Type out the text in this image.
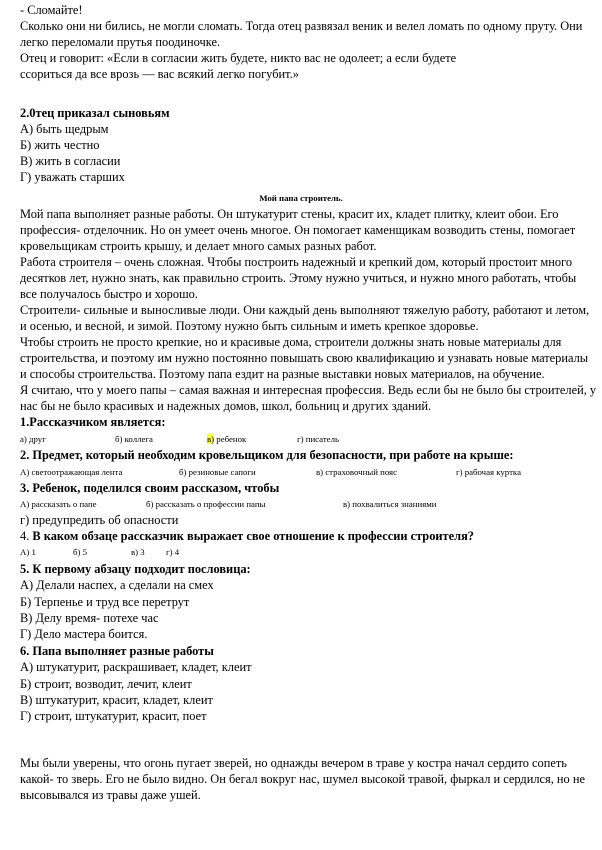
- Сломайте!
Сколько они ни бились, не могли сломать. Тогда отец развязал веник и велел ломать по одному пруту. Они
легко переломали прутья поодиночке.
Отец и говорит: «Если в согласии жить будете, никто вас не одолеет; а если будете
ссориться да все врозь — вас всякий легко погубит.»
2.0тец приказал сыновьям
А) быть щедрым
Б) жить честно
В) жить в согласии
Г) уважать старших
Мой папа строитель.
Мой папа выполняет разные работы. Он штукатурит стены, красит их, кладет плитку, клеит обои. Его
профессия- отделочник. Но он умеет очень многое. Он помогает каменщикам возводить стены, помогает
кровельщикам строить крышу, и делает много самых разных работ.
Работа строителя – очень сложная. Чтобы построить надежный и крепкий дом, который простоит много
десятков лет, нужно знать, как правильно строить. Этому нужно учиться, и нужно много работать, чтобы
все получалось быстро и хорошо.
Строители- сильные и выносливые люди. Они каждый день выполняют тяжелую работу, работают и летом,
и осенью, и весной, и зимой. Поэтому нужно быть сильным и иметь крепкое здоровье.
Чтобы строить не просто крепкие, но и красивые дома, строители должны знать новые материалы для
строительства, и поэтому им нужно постоянно повышать свою квалификацию и узнавать новые материалы
и способы строительства. Поэтому папа ездит на разные выставки новых материалов, на обучение.
Я считаю, что у моего папы – самая важная и интересная профессия. Ведь если бы не было бы строителей, у
нас бы не было красивых и надежных домов, школ, больниц и других зданий.
1.Рассказчиком является:
а) друг	б) коллега	в) ребенок	г) писатель
2. Предмет, который необходим кровельщиком для безопасности, при работе на крыше:
А) светоотражающая лента	б) резиновые сапоги	в) страховочный пояс	г) рабочая куртка
3. Ребенок, поделился своим рассказом, чтобы
А) рассказать о папе	б) рассказать о профессии папы	в) похвалиться знаниями
г) предупредить об опасности
4. В каком обзаце рассказчик выражает свое отношение к профессии строителя?
А) 1	б) 5	в) 3 г) 4
5. К первому абзацу подходит пословица:
А) Делали наспех, а сделали на смех
Б) Терпенье и труд все перетрут
В) Делу время- потехе час
Г) Дело мастера боится.
6. Папа выполняет разные работы
А) штукатурит, раскрашивает, кладет, клеит
Б) строит, возводит, лечит, клеит
В) штукатурит, красит, кладет, клеит
Г) строит, штукатурит, красит, поет
Мы были уверены, что огонь пугает зверей, но однажды вечером в траве у костра начал сердито сопеть
какой- то зверь. Его не было видно. Он бегал вокруг нас, шумел высокой травой, фыркал и сердился, но не
высовывался из травы даже ушей.
